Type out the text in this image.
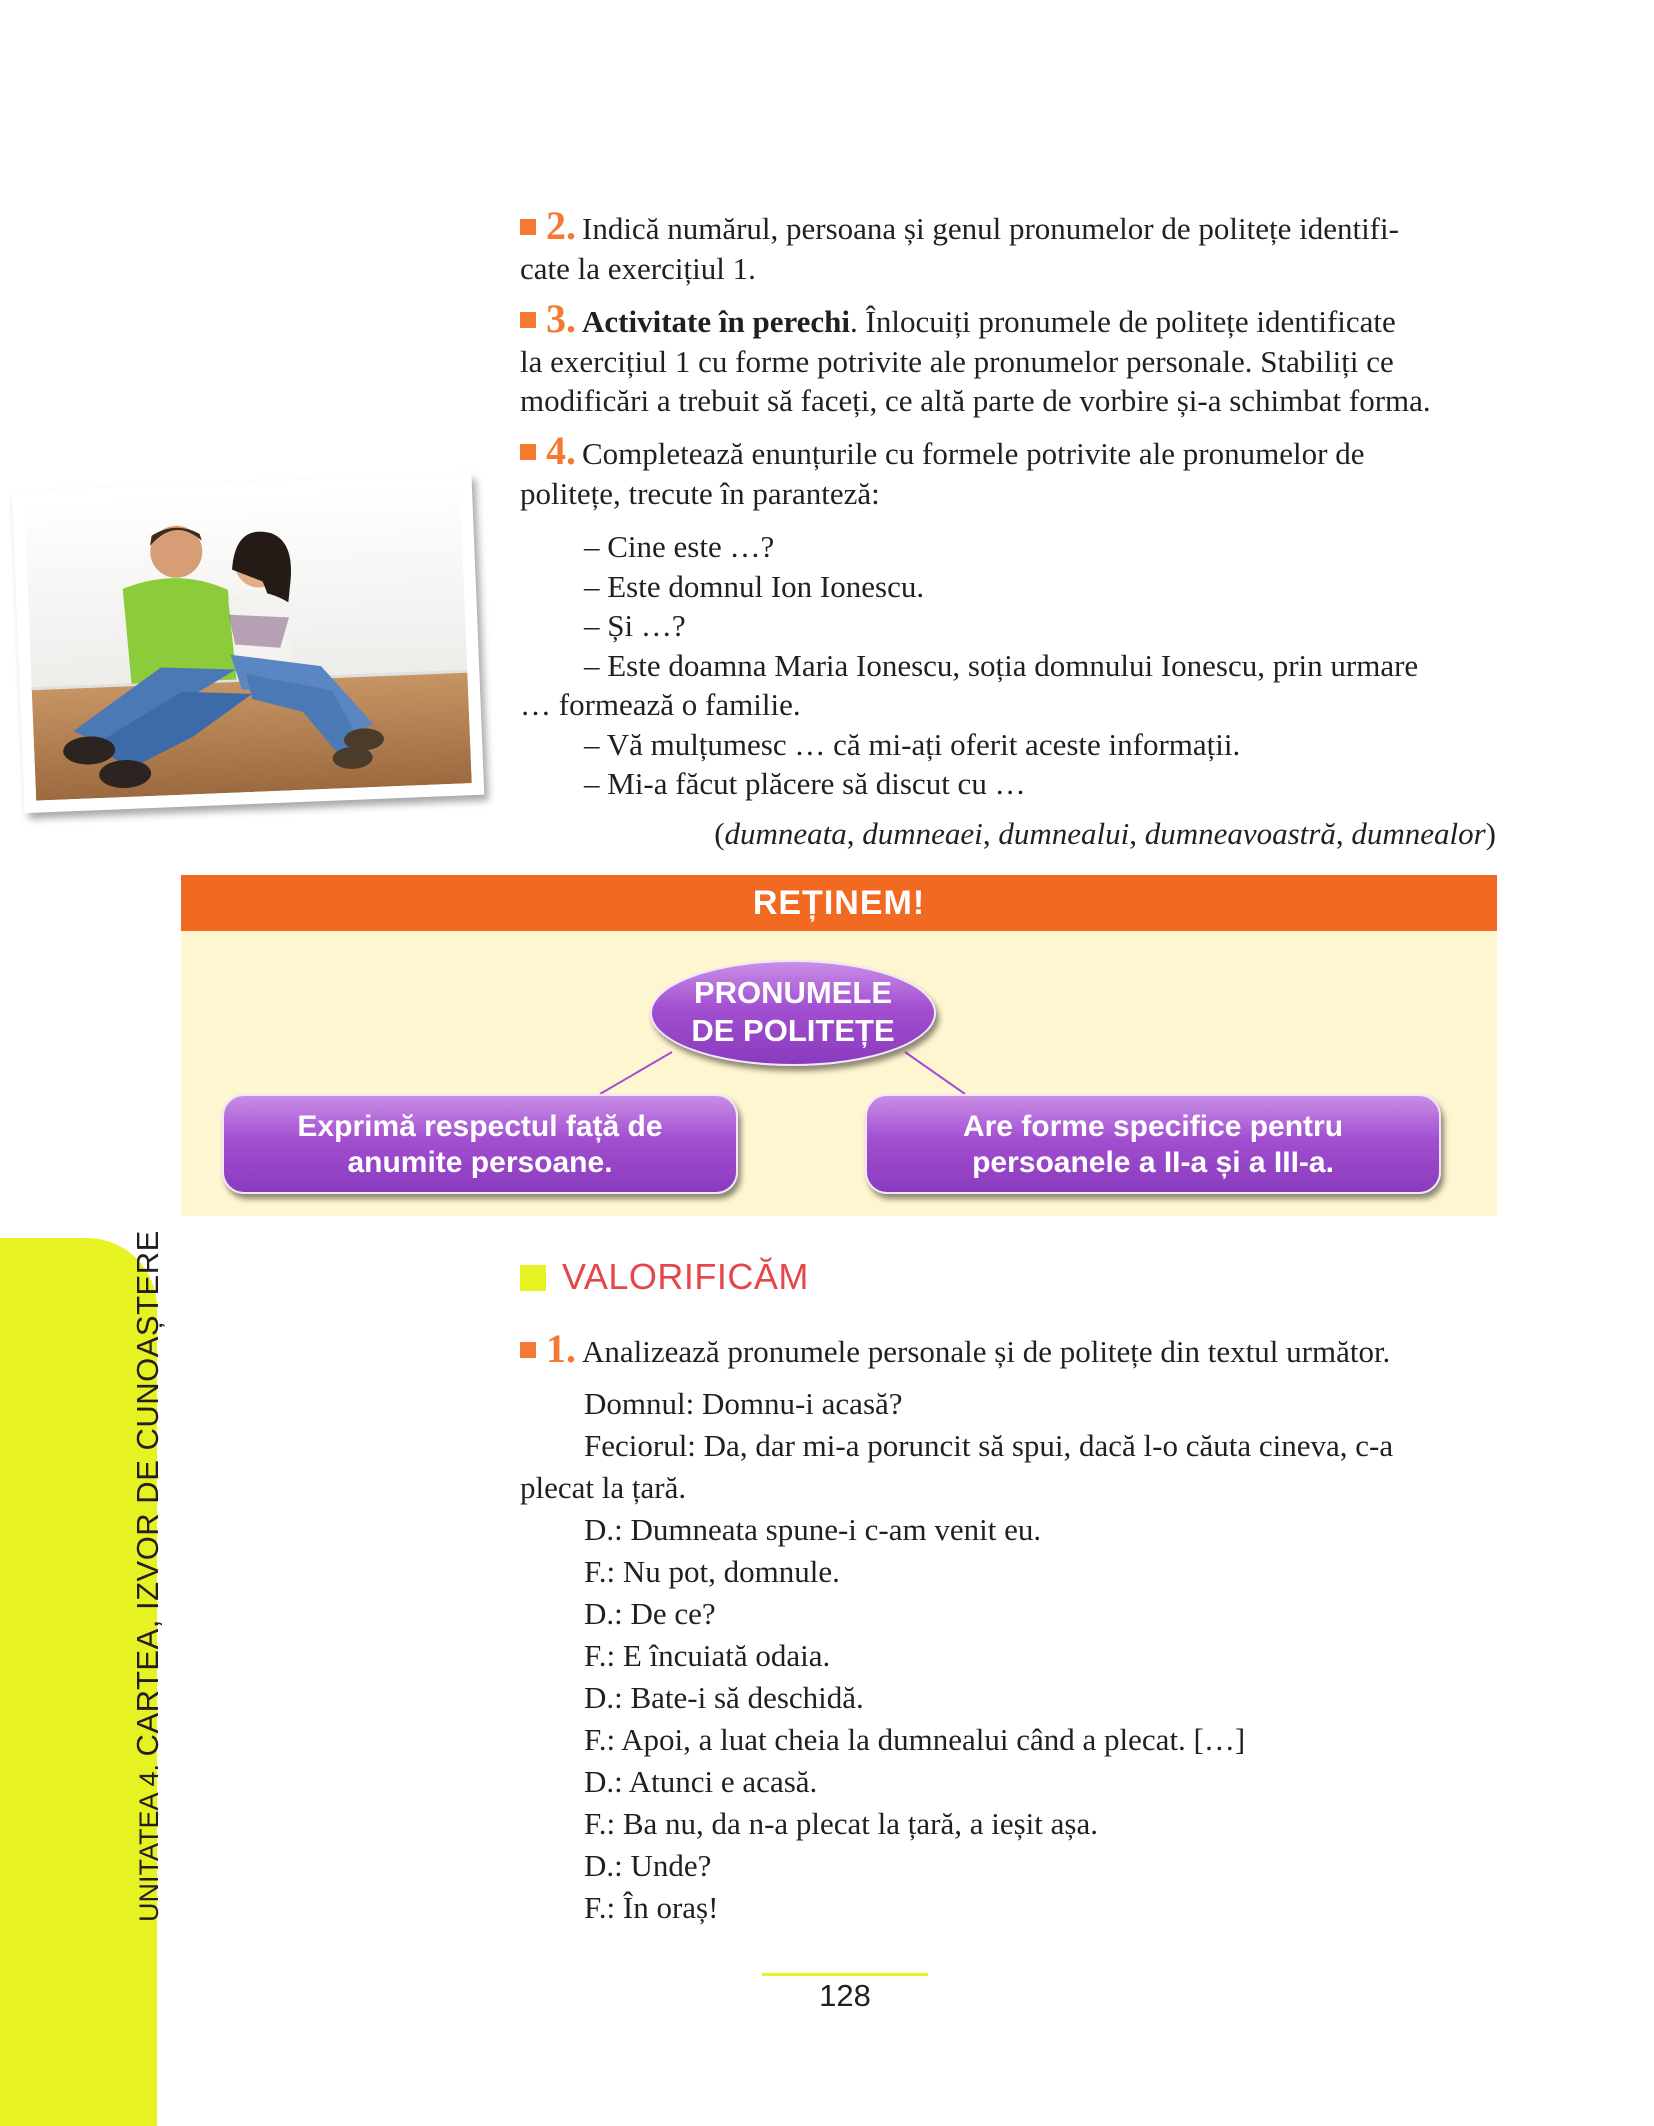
2. Indică numărul, persoana și genul pronumelor de politețe identifi-
cate la exercițiul 1.
3. Activitate în perechi. Înlocuiți pronumele de politețe identificate
la exercițiul 1 cu forme potrivite ale pronumelor personale. Stabiliți ce
modificări a trebuit să faceți, ce altă parte de vorbire și-a schimbat forma.
4. Completează enunțurile cu formele potrivite ale pronumelor de
politețe, trecute în paranteză:
– Cine este …?
– Este domnul Ion Ionescu.
– Și …?
– Este doamna Maria Ionescu, soția domnului Ionescu, prin urmare
… formează o familie.
– Vă mulțumesc … că mi-ați oferit aceste informații.
– Mi-a făcut plăcere să discut cu …
(dumneata, dumneaei, dumnealui, dumneavoastră, dumnealor)
REȚINEM!
PRONUMELE
DE POLITEȚE
Exprimă respectul față de
anumite persoane.
Are forme specifice pentru
persoanele a II-a și a III-a.
UNITATEA 4. CARTEA, IZVOR DE CUNOAȘTERE	VALORIFICĂM
1. Analizează pronumele personale și de politețe din textul următor.
Domnul: Domnu-i acasă?
Feciorul: Da, dar mi-a poruncit să spui, dacă l-o căuta cineva, c-a
plecat la țară.
D.: Dumneata spune-i c-am venit eu.
F.: Nu pot, domnule.
D.: De ce?
F.: E încuiată odaia.
D.: Bate-i să deschidă.
F.: Apoi, a luat cheia la dumnealui când a plecat. […]
D.: Atunci e acasă.
F.: Ba nu, da n-a plecat la țară, a ieșit așa.
D.: Unde?
F.: În oraș!
128
